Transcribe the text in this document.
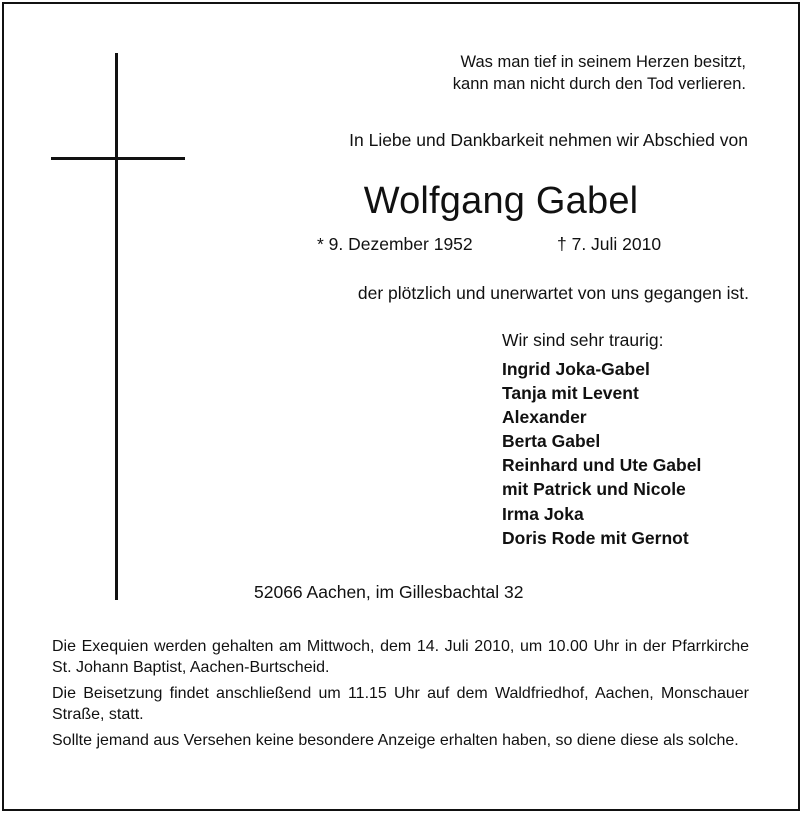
Was man tief in seinem Herzen besitzt,
kann man nicht durch den Tod verlieren.
In Liebe und Dankbarkeit nehmen wir Abschied von
Wolfgang Gabel
* 9. Dezember 1952	† 7. Juli 2010
der plötzlich und unerwartet von uns gegangen ist.
Wir sind sehr traurig:
Ingrid Joka-Gabel
Tanja mit Levent
Alexander
Berta Gabel
Reinhard und Ute Gabel
mit Patrick und Nicole
Irma Joka
Doris Rode mit Gernot
52066 Aachen, im Gillesbachtal 32

Die Exequien werden gehalten am Mittwoch, dem 14. Juli 2010, um 10.00 Uhr in der Pfarrkirche St. Johann Baptist, Aachen-Burtscheid.

Die Beisetzung findet anschließend um 11.15 Uhr auf dem Waldfriedhof, Aachen, Monschauer Straße, statt.

Sollte jemand aus Versehen keine besondere Anzeige erhalten haben, so diene diese als solche.
